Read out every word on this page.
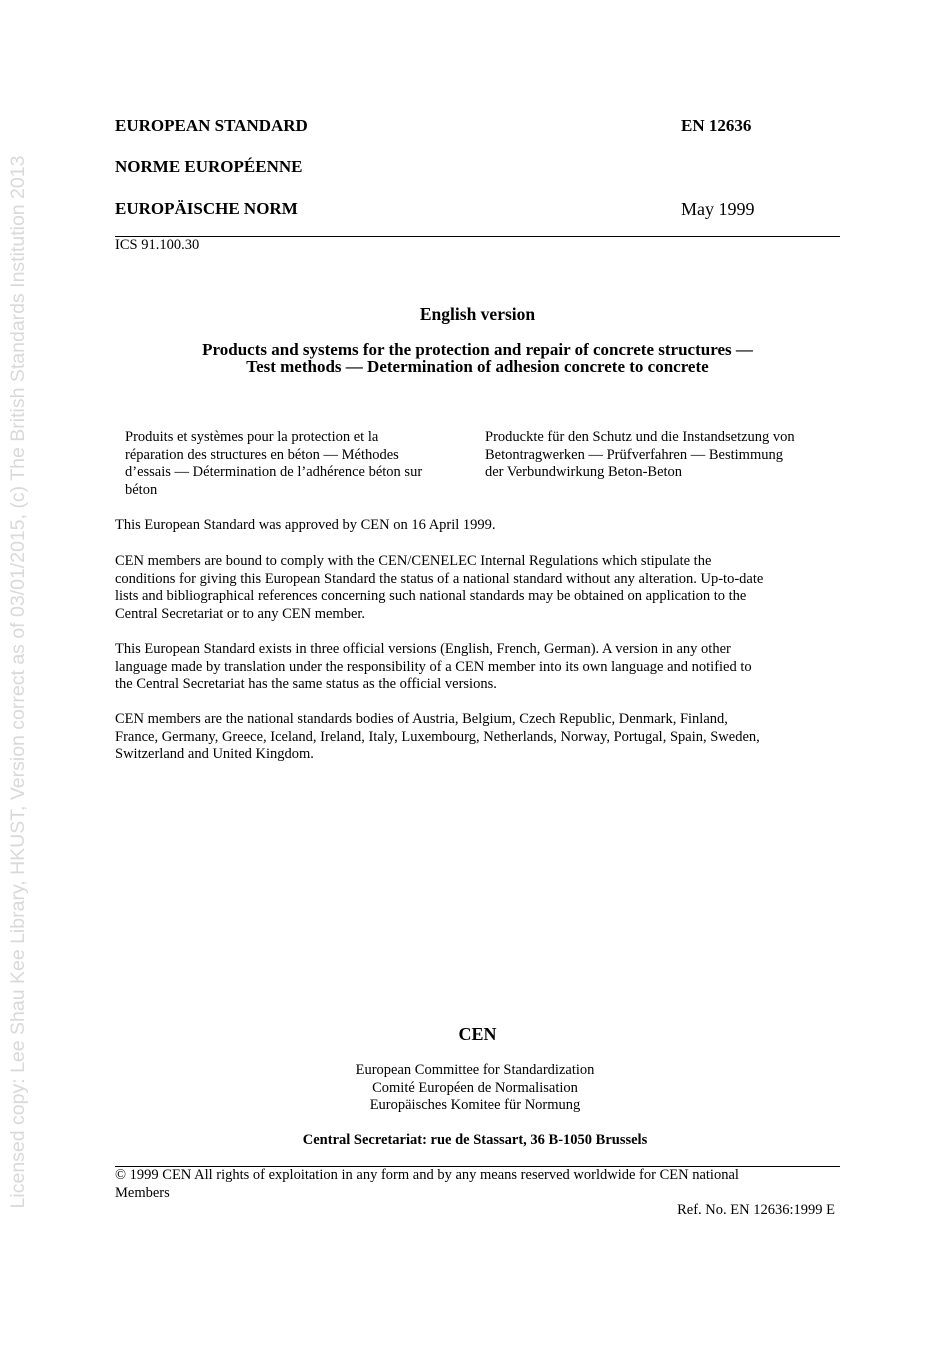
Licensed copy: Lee Shau Kee Library, HKUST, Version correct as of 03/01/2015, (c) The British Standards Institution 2013
EUROPEAN STANDARD	EN 12636
NORME EUROPÉENNE
EUROPÄISCHE NORM	May 1999
ICS 91.100.30
English version
Products and systems for the protection and repair of concrete structures —
Test methods — Determination of adhesion concrete to concrete
Produits et systèmes pour la protection et la
réparation des structures en béton — Méthodes
d’essais — Détermination de l’adhérence béton sur
béton
Produckte für den Schutz und die Instandsetzung von
Betontragwerken — Prüfverfahren — Bestimmung
der Verbundwirkung Beton-Beton
This European Standard was approved by CEN on 16 April 1999.
CEN members are bound to comply with the CEN/CENELEC Internal Regulations which stipulate the
conditions for giving this European Standard the status of a national standard without any alteration. Up-to-date
lists and bibliographical references concerning such national standards may be obtained on application to the
Central Secretariat or to any CEN member.
This European Standard exists in three official versions (English, French, German). A version in any other
language made by translation under the responsibility of a CEN member into its own language and notified to
the Central Secretariat has the same status as the official versions.
CEN members are the national standards bodies of Austria, Belgium, Czech Republic, Denmark, Finland,
France, Germany, Greece, Iceland, Ireland, Italy, Luxembourg, Netherlands, Norway, Portugal, Spain, Sweden,
Switzerland and United Kingdom.
CEN
European Committee for Standardization
Comité Européen de Normalisation
Europäisches Komitee für Normung
Central Secretariat: rue de Stassart, 36 B-1050 Brussels
© 1999 CEN All rights of exploitation in any form and by any means reserved worldwide for CEN national
Members
Ref. No. EN 12636:1999 E
